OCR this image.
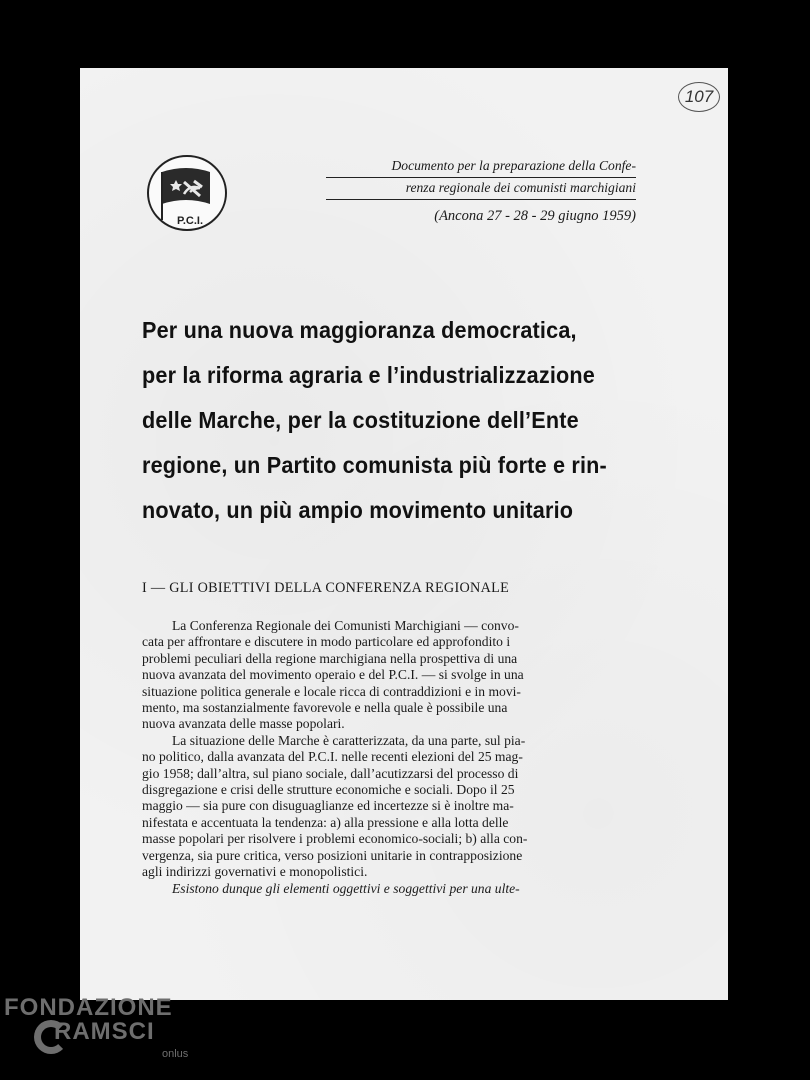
107
P.C.I.
Documento per la preparazione della Confe-
renza regionale dei comunisti marchigiani
(Ancona 27 - 28 - 29 giugno 1959)
Per una nuova maggioranza democratica,
per la riforma agraria e l’industrializzazione
delle Marche, per la costituzione dell’Ente
regione, un Partito comunista più forte e rin-
novato, un più ampio movimento unitario
I — GLI OBIETTIVI DELLA CONFERENZA REGIONALE
La Conferenza Regionale dei Comunisti Marchigiani — convo-
cata per affrontare e discutere in modo particolare ed approfondito i
problemi peculiari della regione marchigiana nella prospettiva di una
nuova avanzata del movimento operaio e del P.C.I. — si svolge in una
situazione politica generale e locale ricca di contraddizioni e in movi-
mento, ma sostanzialmente favorevole e nella quale è possibile una
nuova avanzata delle masse popolari.
La situazione delle Marche è caratterizzata, da una parte, sul pia-
no politico, dalla avanzata del P.C.I. nelle recenti elezioni del 25 mag-
gio 1958; dall’altra, sul piano sociale, dall’acutizzarsi del processo di
disgregazione e crisi delle strutture economiche e sociali. Dopo il 25
maggio — sia pure con disuguaglianze ed incertezze si è inoltre ma-
nifestata e accentuata la tendenza: a) alla pressione e alla lotta delle
masse popolari per risolvere i problemi economico-sociali; b) alla con-
vergenza, sia pure critica, verso posizioni unitarie in contrapposizione
agli indirizzi governativi e monopolistici.
Esistono dunque gli elementi oggettivi e soggettivi per una ulte-
FONDAZIONE
RAMSCI
onlus
